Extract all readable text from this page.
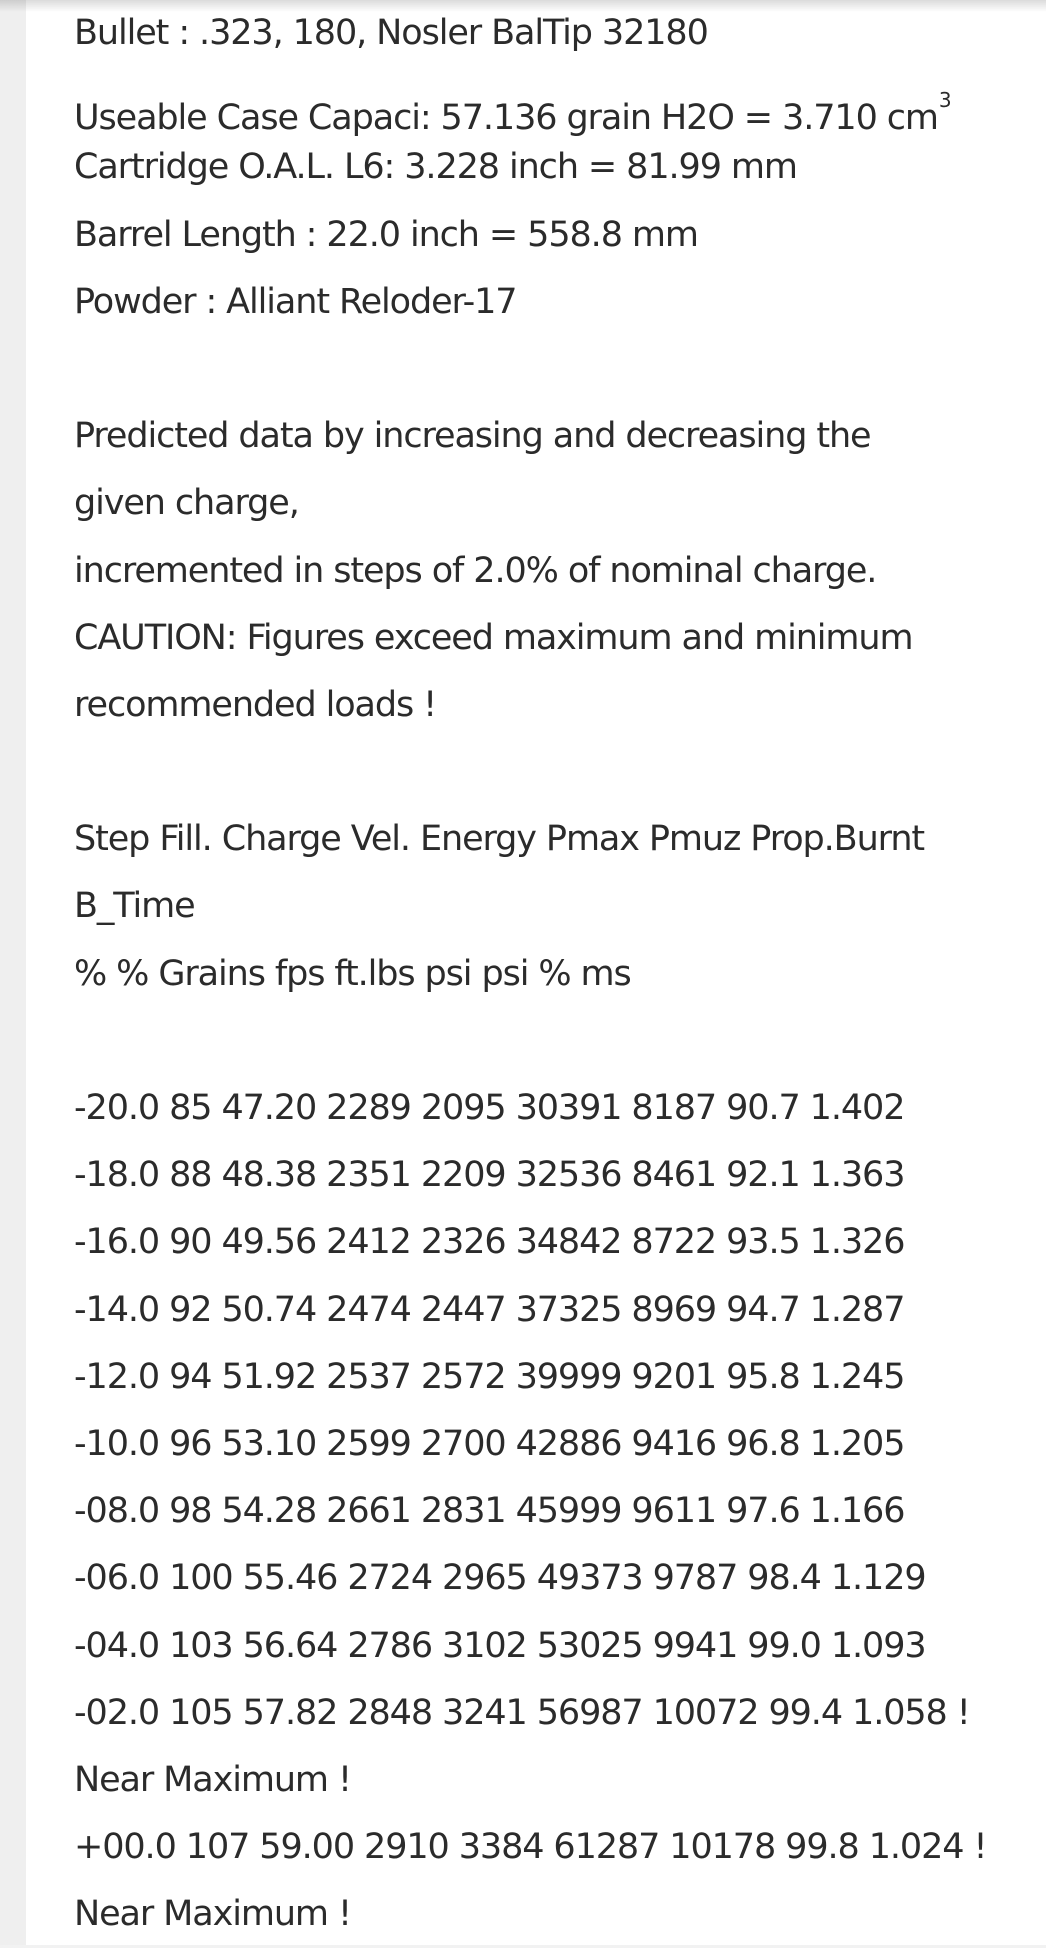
Bullet : .323, 180, Nosler BalTip 32180
Useable Case Capaci: 57.136 grain H2O = 3.710 $cm^3$
Cartridge O.A.L. L6: 3.228 inch = 81.99 mm
Barrel Length : 22.0 inch = 558.8 mm
Powder : Alliant Reloder-17
Predicted data by increasing and decreasing the
given charge,
incremented in steps of 2.0% of nominal charge.
CAUTION: Figures exceed maximum and minimum
recommended loads !
Step Fill. Charge Vel. Energy Pmax Pmuz Prop.Burnt
B_Time
% % Grains fps ft.lbs psi psi % ms
-20.0 85 47.20 2289 2095 30391 8187 90.7 1.402
-18.0 88 48.38 2351 2209 32536 8461 92.1 1.363
-16.0 90 49.56 2412 2326 34842 8722 93.5 1.326
-14.0 92 50.74 2474 2447 37325 8969 94.7 1.287
-12.0 94 51.92 2537 2572 39999 9201 95.8 1.245
-10.0 96 53.10 2599 2700 42886 9416 96.8 1.205
-08.0 98 54.28 2661 2831 45999 9611 97.6 1.166
-06.0 100 55.46 2724 2965 49373 9787 98.4 1.129
-04.0 103 56.64 2786 3102 53025 9941 99.0 1.093
-02.0 105 57.82 2848 3241 56987 10072 99.4 1.058 !
Near Maximum !
+00.0 107 59.00 2910 3384 61287 10178 99.8 1.024 !
Near Maximum !
